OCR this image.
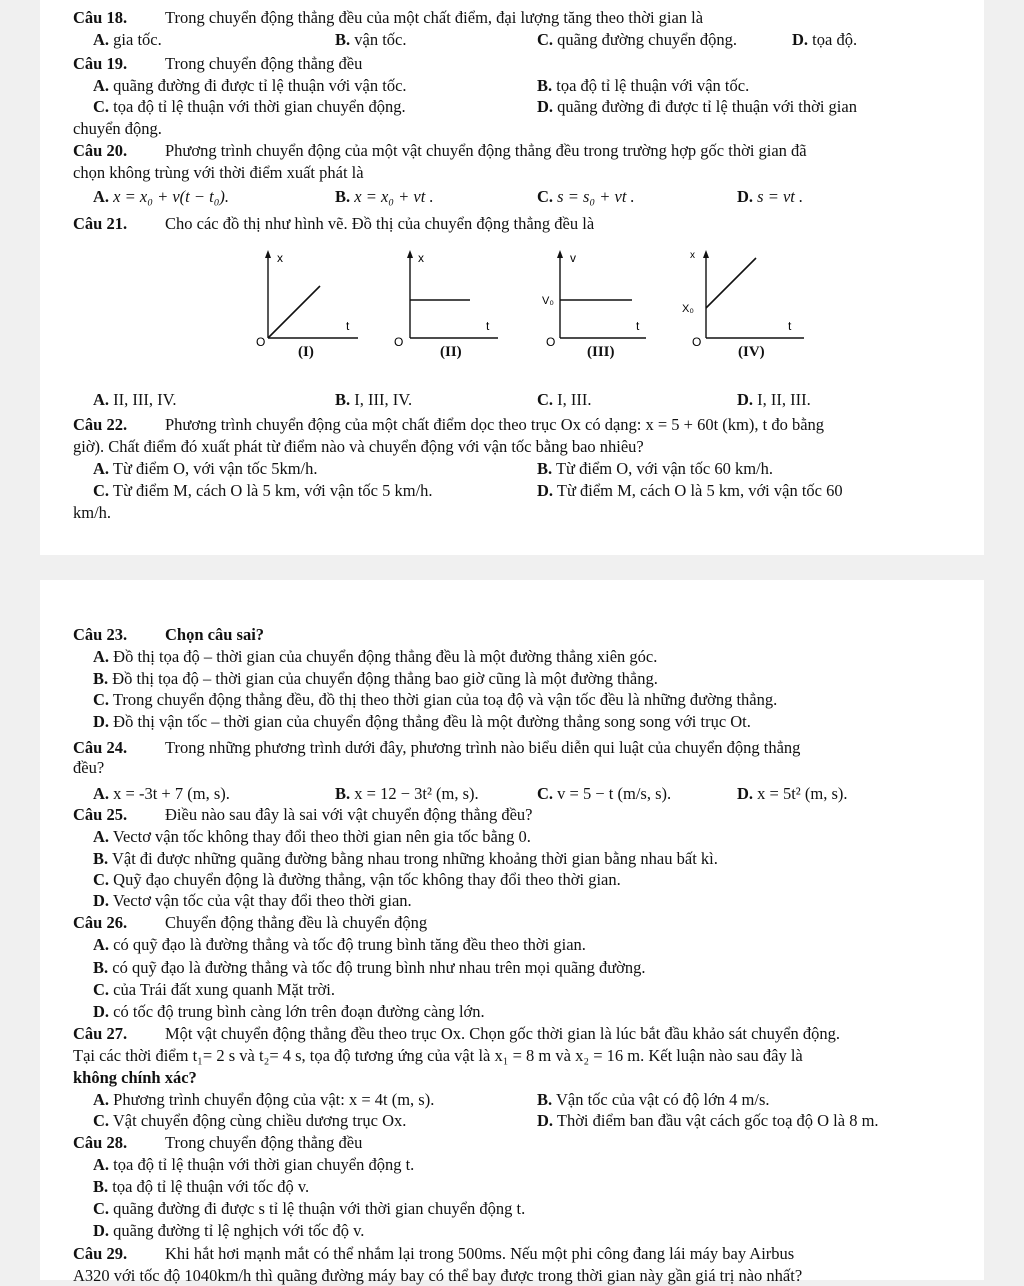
Câu 18. Trong chuyển động thẳng đều của một chất điểm, đại lượng tăng theo thời gian là
A. gia tốc.	B. vận tốc.	C. quãng đường chuyển động.	D. tọa độ.
Câu 19. Trong chuyển động thẳng đều
A. quãng đường đi được tỉ lệ thuận với vận tốc.	B. tọa độ tỉ lệ thuận với vận tốc.
C. tọa độ tỉ lệ thuận với thời gian chuyển động.	D. quãng đường đi được tỉ lệ thuận với thời gian
chuyển động.
Câu 20. Phương trình chuyển động của một vật chuyển động thẳng đều trong trường hợp gốc thời gian đã
chọn không trùng với thời điểm xuất phát là
A. x = x₀ + v(t − t₀).	B. x = x₀ + vt .	C. s = s₀ + vt .	D. s = vt .
Câu 21. Cho các đồ thị như hình vẽ. Đồ thị của chuyển động thẳng đều là
x
t
O
(I)
x
t
O
(II)
v
V₀
t
O
(III)
x
X₀
t
O
(IV)
A. II, III, IV.	B. I, III, IV.	C. I, III.	D. I, II, III.
Câu 22. Phương trình chuyển động của một chất điểm dọc theo trục Ox có dạng: x = 5 + 60t (km), t đo bằng
giờ). Chất điểm đó xuất phát từ điểm nào và chuyển động với vận tốc bằng bao nhiêu?
A. Từ điểm O, với vận tốc 5km/h.	B. Từ điểm O, với vận tốc 60 km/h.
C. Từ điểm M, cách O là 5 km, với vận tốc 5 km/h.	D. Từ điểm M, cách O là 5 km, với vận tốc 60
km/h.
Câu 23. Chọn câu sai?
A. Đồ thị tọa độ – thời gian của chuyển động thẳng đều là một đường thẳng xiên góc.
B. Đồ thị tọa độ – thời gian của chuyển động thẳng bao giờ cũng là một đường thẳng.
C. Trong chuyển động thẳng đều, đồ thị theo thời gian của toạ độ và vận tốc đều là những đường thẳng.
D. Đồ thị vận tốc – thời gian của chuyển động thẳng đều là một đường thẳng song song với trục Ot.
Câu 24. Trong những phương trình dưới đây, phương trình nào biểu diễn qui luật của chuyển động thẳng
đều?
A. x = -3t + 7 (m, s).	B. x = 12 − 3t² (m, s).	C. v = 5 − t (m/s, s).	D. x = 5t² (m, s).
Câu 25. Điều nào sau đây là sai với vật chuyển động thẳng đều?
A. Vectơ vận tốc không thay đổi theo thời gian nên gia tốc bằng 0.
B. Vật đi được những quãng đường bằng nhau trong những khoảng thời gian bằng nhau bất kì.
C. Quỹ đạo chuyển động là đường thẳng, vận tốc không thay đổi theo thời gian.
D. Vectơ vận tốc của vật thay đổi theo thời gian.
Câu 26. Chuyển động thẳng đều là chuyển động
A. có quỹ đạo là đường thẳng và tốc độ trung bình tăng đều theo thời gian.
B. có quỹ đạo là đường thẳng và tốc độ trung bình như nhau trên mọi quãng đường.
C. của Trái đất xung quanh Mặt trời.
D. có tốc độ trung bình càng lớn trên đoạn đường càng lớn.
Câu 27. Một vật chuyển động thẳng đều theo trục Ox. Chọn gốc thời gian là lúc bắt đầu khảo sát chuyển động.
Tại các thời điểm t₁= 2 s và t₂= 4 s, tọa độ tương ứng của vật là x₁ = 8 m và x₂ = 16 m. Kết luận nào sau đây là
không chính xác?
A. Phương trình chuyển động của vật: x = 4t (m, s).	B. Vận tốc của vật có độ lớn 4 m/s.
C. Vật chuyển động cùng chiều dương trục Ox.	D. Thời điểm ban đầu vật cách gốc toạ độ O là 8 m.
Câu 28. Trong chuyển động thẳng đều
A. tọa độ tỉ lệ thuận với thời gian chuyển động t.
B. tọa độ tỉ lệ thuận với tốc độ v.
C. quãng đường đi được s tỉ lệ thuận với thời gian chuyển động t.
D. quãng đường tỉ lệ nghịch với tốc độ v.
Câu 29. Khi hắt hơi mạnh mắt có thể nhắm lại trong 500ms. Nếu một phi công đang lái máy bay Airbus
A320 với tốc độ 1040km/h thì quãng đường máy bay có thể bay được trong thời gian này gần giá trị nào nhất?
